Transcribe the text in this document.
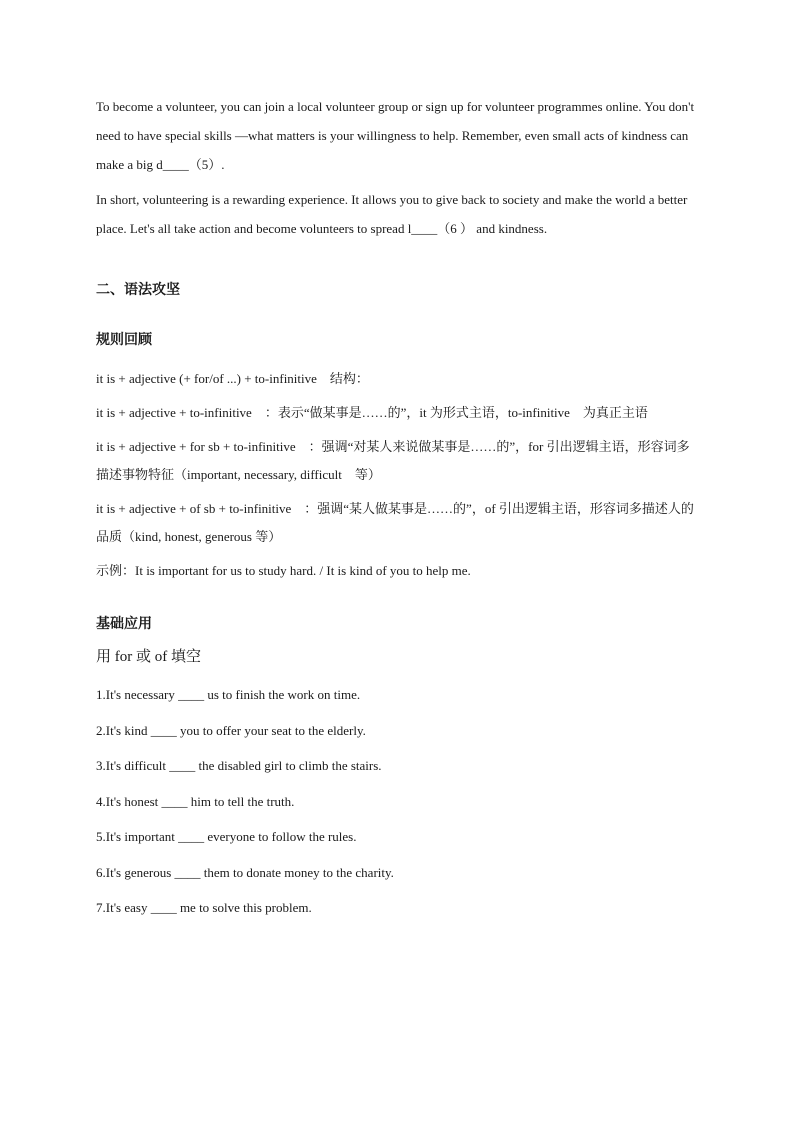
To become a volunteer, you can join a local volunteer group or sign up for volunteer programmes online. You don't need to have special skills —what matters is your willingness to help. Remember, even small acts of kindness can make a big d____（5）.

In short, volunteering is a rewarding experience. It allows you to give back to society and make the world a better place. Let's all take action and become volunteers to spread l____（6 ） and kindness.

二、语法攻坚
规则回顾

it is + adjective (+ for/of ...) + to-infinitive　结构：

it is + adjective + to-infinitive　：表示“做某事是……的”，it 为形式主语，to-infinitive　为真正主语

it is + adjective + for sb + to-infinitive　：强调“对某人来说做某事是……的”，for 引出逻辑主语，形容词多描述事物特征（important, necessary, difficult　等）

it is + adjective + of sb + to-infinitive　：强调“某人做某事是……的”，of 引出逻辑主语，形容词多描述人的品质（kind, honest, generous 等）

示例：It is important for us to study hard. / It is kind of you to help me.

基础应用
用 for 或 of 填空
1.It's necessary ____ us to finish the work on time.
2.It's kind ____ you to offer your seat to the elderly.
3.It's difficult ____ the disabled girl to climb the stairs.
4.It's honest ____ him to tell the truth.
5.It's important ____ everyone to follow the rules.
6.It's generous ____ them to donate money to the charity.
7.It's easy ____ me to solve this problem.
